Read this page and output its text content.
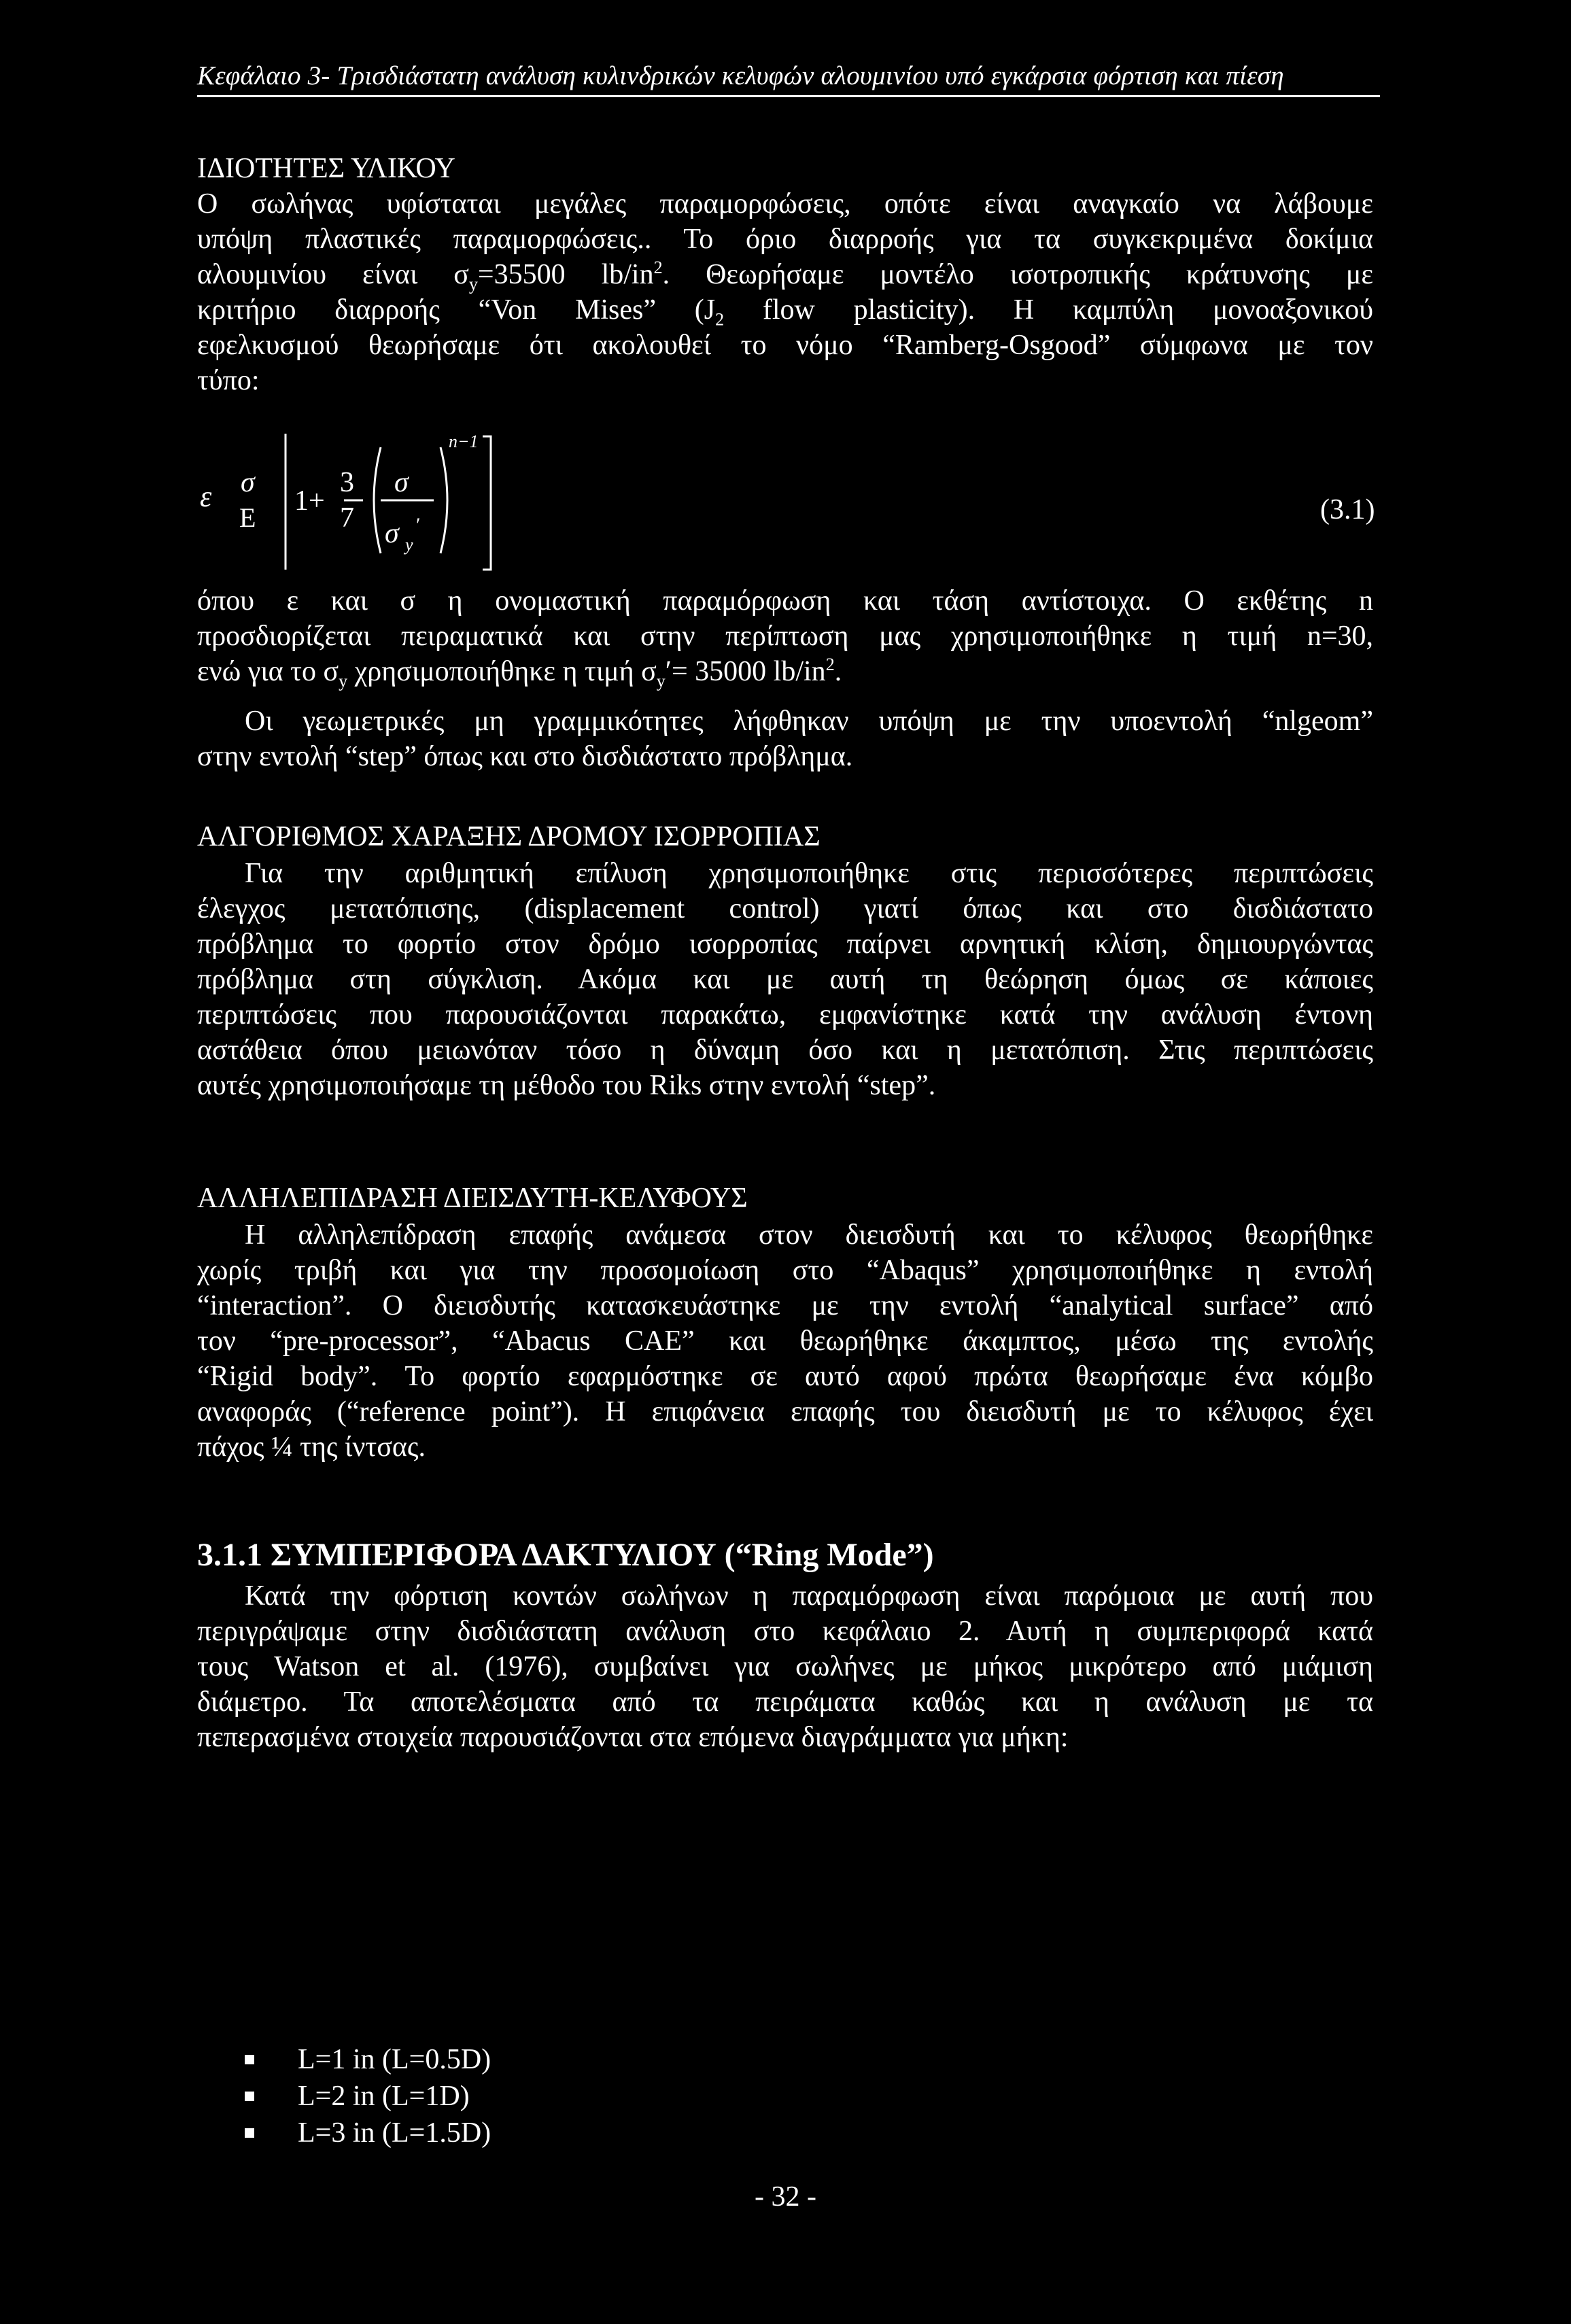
Κεφάλαιο 3- Τρισδιάστατη ανάλυση κυλινδρικών κελυφών αλουμινίου υπό εγκάρσια φόρτιση και πίεση
ΙΔΙΟΤΗΤΕΣ ΥΛΙΚΟΥ

Ο σωλήνας υφίσταται μεγάλες παραμορφώσεις, οπότε είναι αναγκαίο να λάβουμε

υπόψη πλαστικές παραμορφώσεις.. Το όριο διαρροής για τα συγκεκριμένα δοκίμια

αλουμινίου είναι $\sigma_y=35500$ $lb/in^2$. Θεωρήσαμε μοντέλο ισοτροπικής κράτυνσης με

κριτήριο διαρροής “Von Mises” ($J_2$ flow plasticity). Η καμπύλη μονοαξονικού

εφελκυσμού θεωρήσαμε ότι ακολουθεί το νόμο “Ramberg-Osgood” σύμφωνα με τον

τύπο:

ε σ
E
1+
3
7
σ
σ y
′
n−1
(3.1)

όπου ε και σ η ονομαστική παραμόρφωση και τάση αντίστοιχα. Ο εκθέτης n

προσδιορίζεται πειραματικά και στην περίπτωση μας χρησιμοποιήθηκε η τιμή n=30,

ενώ για το $\sigma_y$ χρησιμοποιήθηκε η τιμή $\sigma_y'= 35000$ $lb/in^2$.

Οι γεωμετρικές μη γραμμικότητες λήφθηκαν υπόψη με την υποεντολή “nlgeom”

στην εντολή “step” όπως και στο δισδιάστατο πρόβλημα.

ΑΛΓΟΡΙΘΜΟΣ ΧΑΡΑΞΗΣ ΔΡΟΜΟΥ ΙΣΟΡΡΟΠΙΑΣ

Για την αριθμητική επίλυση χρησιμοποιήθηκε στις περισσότερες περιπτώσεις

έλεγχος μετατόπισης, (displacement control) γιατί όπως και στο δισδιάστατο

πρόβλημα το φορτίο στον δρόμο ισορροπίας παίρνει αρνητική κλίση, δημιουργώντας

πρόβλημα στη σύγκλιση. Ακόμα και με αυτή τη θεώρηση όμως σε κάποιες

περιπτώσεις που παρουσιάζονται παρακάτω, εμφανίστηκε κατά την ανάλυση έντονη

αστάθεια όπου μειωνόταν τόσο η δύναμη όσο και η μετατόπιση. Στις περιπτώσεις

αυτές χρησιμοποιήσαμε τη μέθοδο του Riks στην εντολή “step”.

ΑΛΛΗΛΕΠΙΔΡΑΣΗ ΔΙΕΙΣΔΥΤΗ-ΚΕΛΥΦΟΥΣ

Η αλληλεπίδραση επαφής ανάμεσα στον διεισδυτή και το κέλυφος θεωρήθηκε

χωρίς τριβή και για την προσομοίωση στο “Abaqus” χρησιμοποιήθηκε η εντολή

“interaction”. Ο διεισδυτής κατασκευάστηκε με την εντολή “analytical surface” από

τον “pre-processor”, “Abacus CAE” και θεωρήθηκε άκαμπτος, μέσω της εντολής

“Rigid body”. Το φορτίο εφαρμόστηκε σε αυτό αφού πρώτα θεωρήσαμε ένα κόμβο

αναφοράς (“reference point”). Η επιφάνεια επαφής του διεισδυτή με το κέλυφος έχει

πάχος ¼ της ίντσας.

3.1.1 ΣΥΜΠΕΡΙΦΟΡΑ ΔΑΚΤΥΛΙΟΥ (“Ring Mode”)

Κατά την φόρτιση κοντών σωλήνων η παραμόρφωση είναι παρόμοια με αυτή που

περιγράψαμε στην δισδιάστατη ανάλυση στο κεφάλαιο 2. Αυτή η συμπεριφορά κατά

τους Watson et al. (1976), συμβαίνει για σωλήνες με μήκος μικρότερο από μιάμιση

διάμετρο. Τα αποτελέσματα από τα πειράματα καθώς και η ανάλυση με τα

πεπερασμένα στοιχεία παρουσιάζονται στα επόμενα διαγράμματα για μήκη:

L=1 in (L=0.5D)
L=2 in (L=1D)
L=3 in (L=1.5D)
- 32 -
